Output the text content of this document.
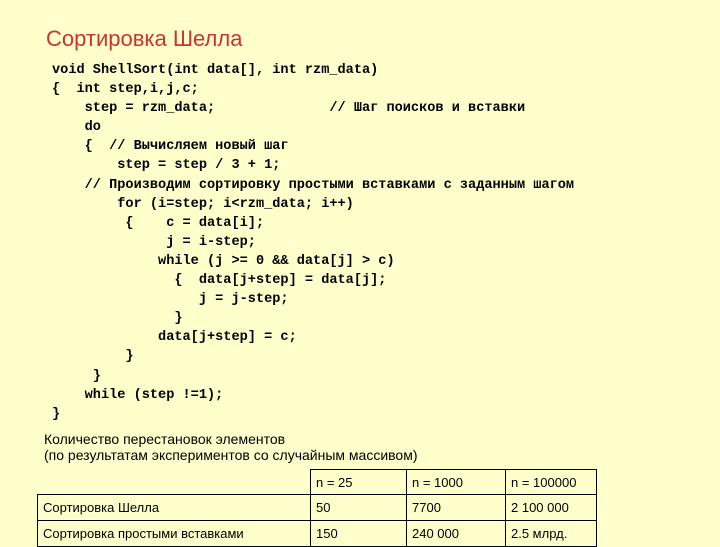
Сортировка Шелла
void ShellSort(int data[], int rzm_data)
{  int step,i,j,c;
step = rzm_data;              // Шаг поисков и вставки
do
{  // Вычисляем новый шаг
step = step / 3 + 1;
// Производим сортировку простыми вставками с заданным шагом
for (i=step; i<rzm_data; i++)
{    c = data[i];
j = i-step;
while (j >= 0 && data[j] > c)
{  data[j+step] = data[j];
j = j-step;
}
data[j+step] = c;
}
}
while (step !=1);
}
Количество перестановок элементов
(по результатам экспериментов со случайным массивом)
	n = 25	n = 1000	n = 100000
Сортировка Шелла	50	7700	2 100 000
Сортировка простыми вставками	150	240 000	2.5 млрд.
